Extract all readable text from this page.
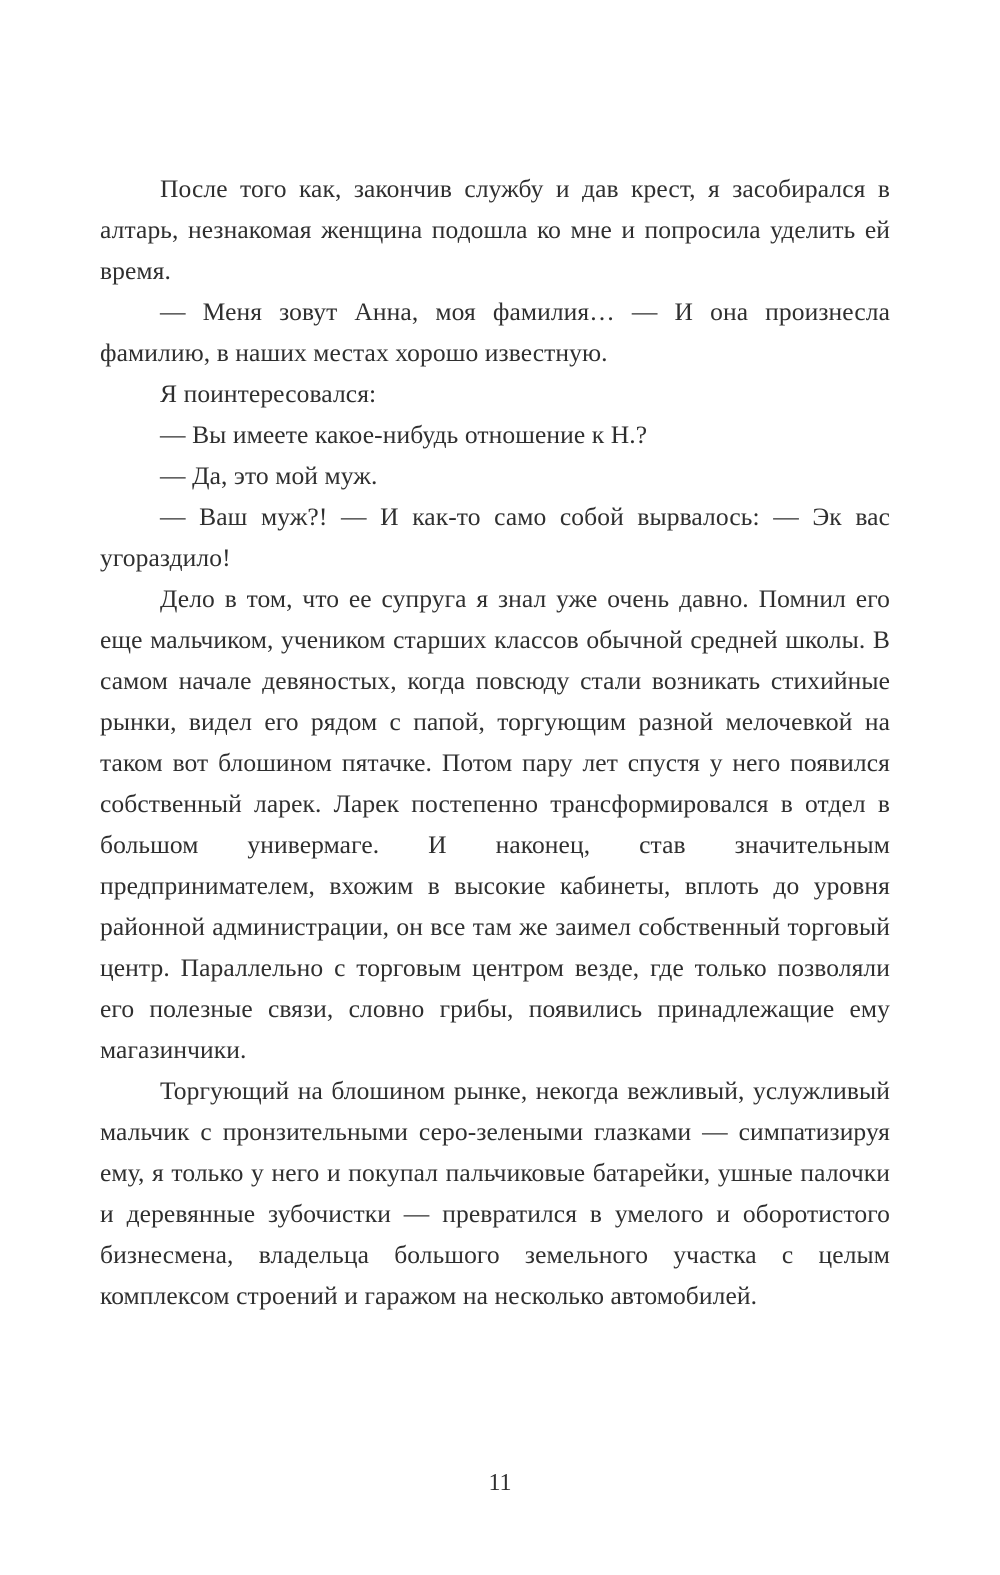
После того как, закончив службу и дав крест, я засобирался в алтарь, незнакомая женщина подошла ко мне и попросила уделить ей время.

— Меня зовут Анна, моя фамилия… — И она произнесла фамилию, в наших местах хорошо известную.

Я поинтересовался:

— Вы имеете какое-нибудь отношение к Н.?

— Да, это мой муж.

— Ваш муж?! — И как-то само собой вырвалось: — Эк вас угораздило!

Дело в том, что ее супруга я знал уже очень давно. Помнил его еще мальчиком, учеником старших классов обычной средней школы. В самом начале девяностых, когда повсюду стали возникать стихийные рынки, видел его рядом с папой, торгующим разной мелочевкой на таком вот блошином пятачке. Потом пару лет спустя у него появился собственный ларек. Ларек постепенно трансформировался в отдел в большом универмаге. И наконец, став значительным предпринимателем, вхожим в высокие кабинеты, вплоть до уровня районной администрации, он все там же заимел собственный торговый центр. Параллельно с торговым центром везде, где только позволяли его полезные связи, словно грибы, появились принадлежащие ему магазинчики.

Торгующий на блошином рынке, некогда вежливый, услужливый мальчик с пронзительными серо-зелеными глазками — симпатизируя ему, я только у него и покупал пальчиковые батарейки, ушные палочки и деревянные зубочистки — превратился в умелого и оборотистого бизнесмена, владельца большого земельного участка с целым комплексом строений и гаражом на несколько автомобилей.

11
